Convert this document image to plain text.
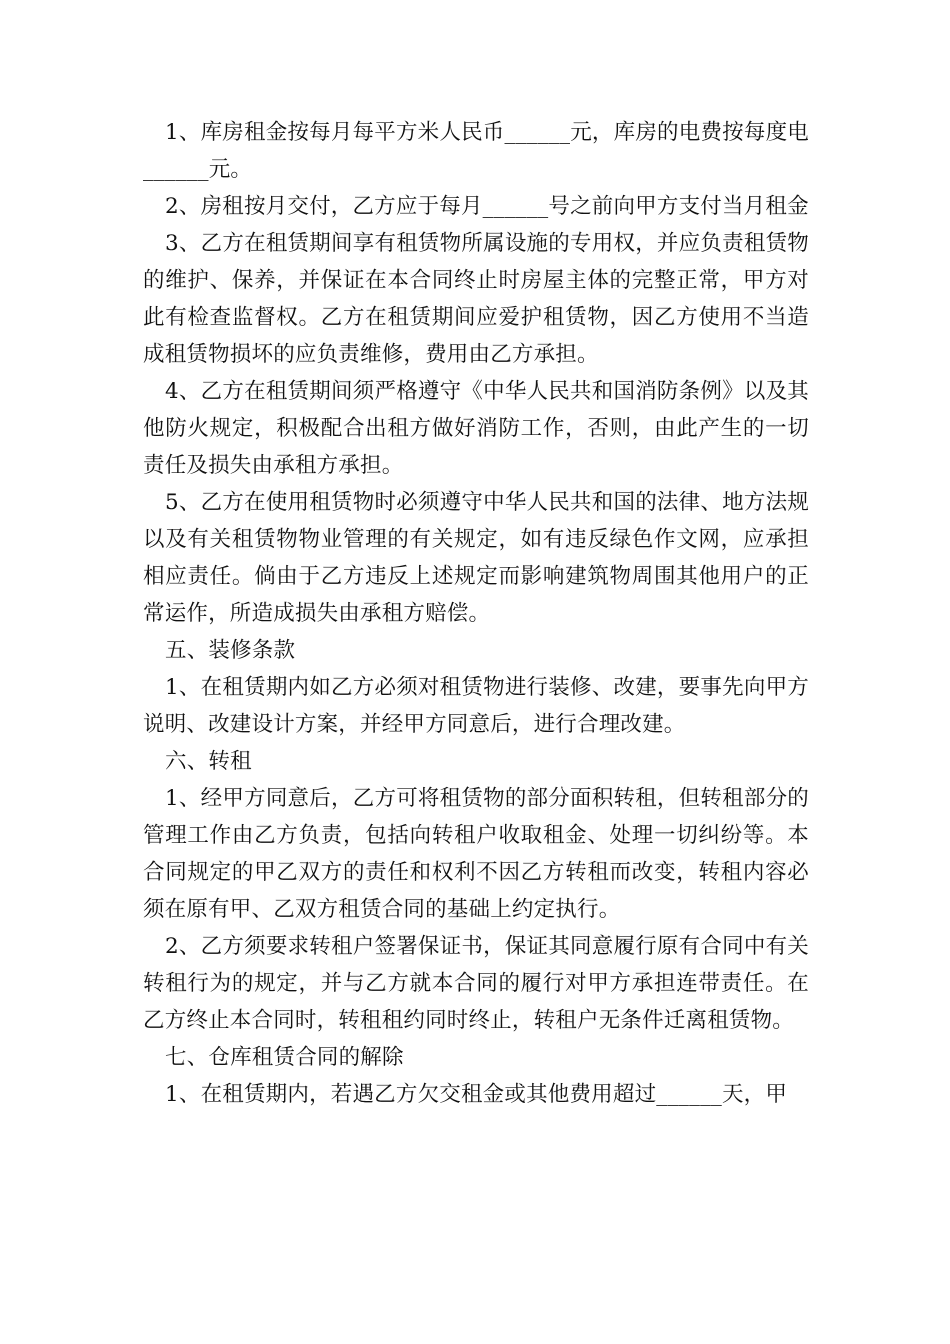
1、库房租金按每月每平方米人民币______元，库房的电费按每度电______元。

2、房租按月交付，乙方应于每月______号之前向甲方支付当月租金

3、乙方在租赁期间享有租赁物所属设施的专用权，并应负责租赁物的维护、保养，并保证在本合同终止时房屋主体的完整正常，甲方对此有检查监督权。乙方在租赁期间应爱护租赁物，因乙方使用不当造成租赁物损坏的应负责维修，费用由乙方承担。

4、乙方在租赁期间须严格遵守《中华人民共和国消防条例》以及其他防火规定，积极配合出租方做好消防工作，否则，由此产生的一切责任及损失由承租方承担。

5、乙方在使用租赁物时必须遵守中华人民共和国的法律、地方法规以及有关租赁物物业管理的有关规定，如有违反绿色作文网，应承担相应责任。倘由于乙方违反上述规定而影响建筑物周围其他用户的正常运作，所造成损失由承租方赔偿。

五、装修条款

1、在租赁期内如乙方必须对租赁物进行装修、改建，要事先向甲方说明、改建设计方案，并经甲方同意后，进行合理改建。

六、转租

1、经甲方同意后，乙方可将租赁物的部分面积转租，但转租部分的管理工作由乙方负责，包括向转租户收取租金、处理一切纠纷等。本合同规定的甲乙双方的责任和权利不因乙方转租而改变，转租内容必须在原有甲、乙双方租赁合同的基础上约定执行。

2、乙方须要求转租户签署保证书，保证其同意履行原有合同中有关转租行为的规定，并与乙方就本合同的履行对甲方承担连带责任。在乙方终止本合同时，转租租约同时终止，转租户无条件迁离租赁物。

七、仓库租赁合同的解除

1、在租赁期内，若遇乙方欠交租金或其他费用超过______天，甲
